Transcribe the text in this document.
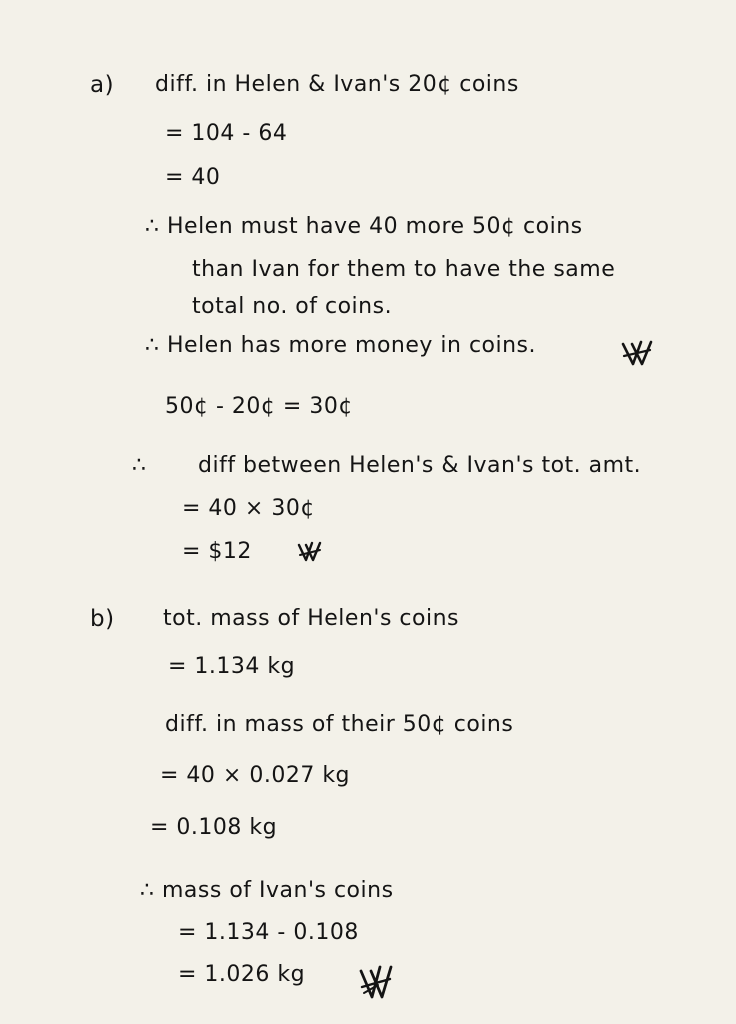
a) diff. in Helen & Ivan's 20¢ coins
= 104 - 64
= 40
∴ Helen must have 40 more 50¢ coins
than Ivan for them to have the same
total no. of coins.
∴ Helen has more money in coins.
50¢ - 20¢ = 30¢
∴ diff between Helen's & Ivan's tot. amt.
= 40 × 30¢
= $12
b) tot. mass of Helen's coins
= 1.134 kg
diff. in mass of their 50¢ coins
= 40 × 0.027 kg
= 0.108 kg
∴ mass of Ivan's coins
= 1.134 - 0.108
= 1.026 kg
